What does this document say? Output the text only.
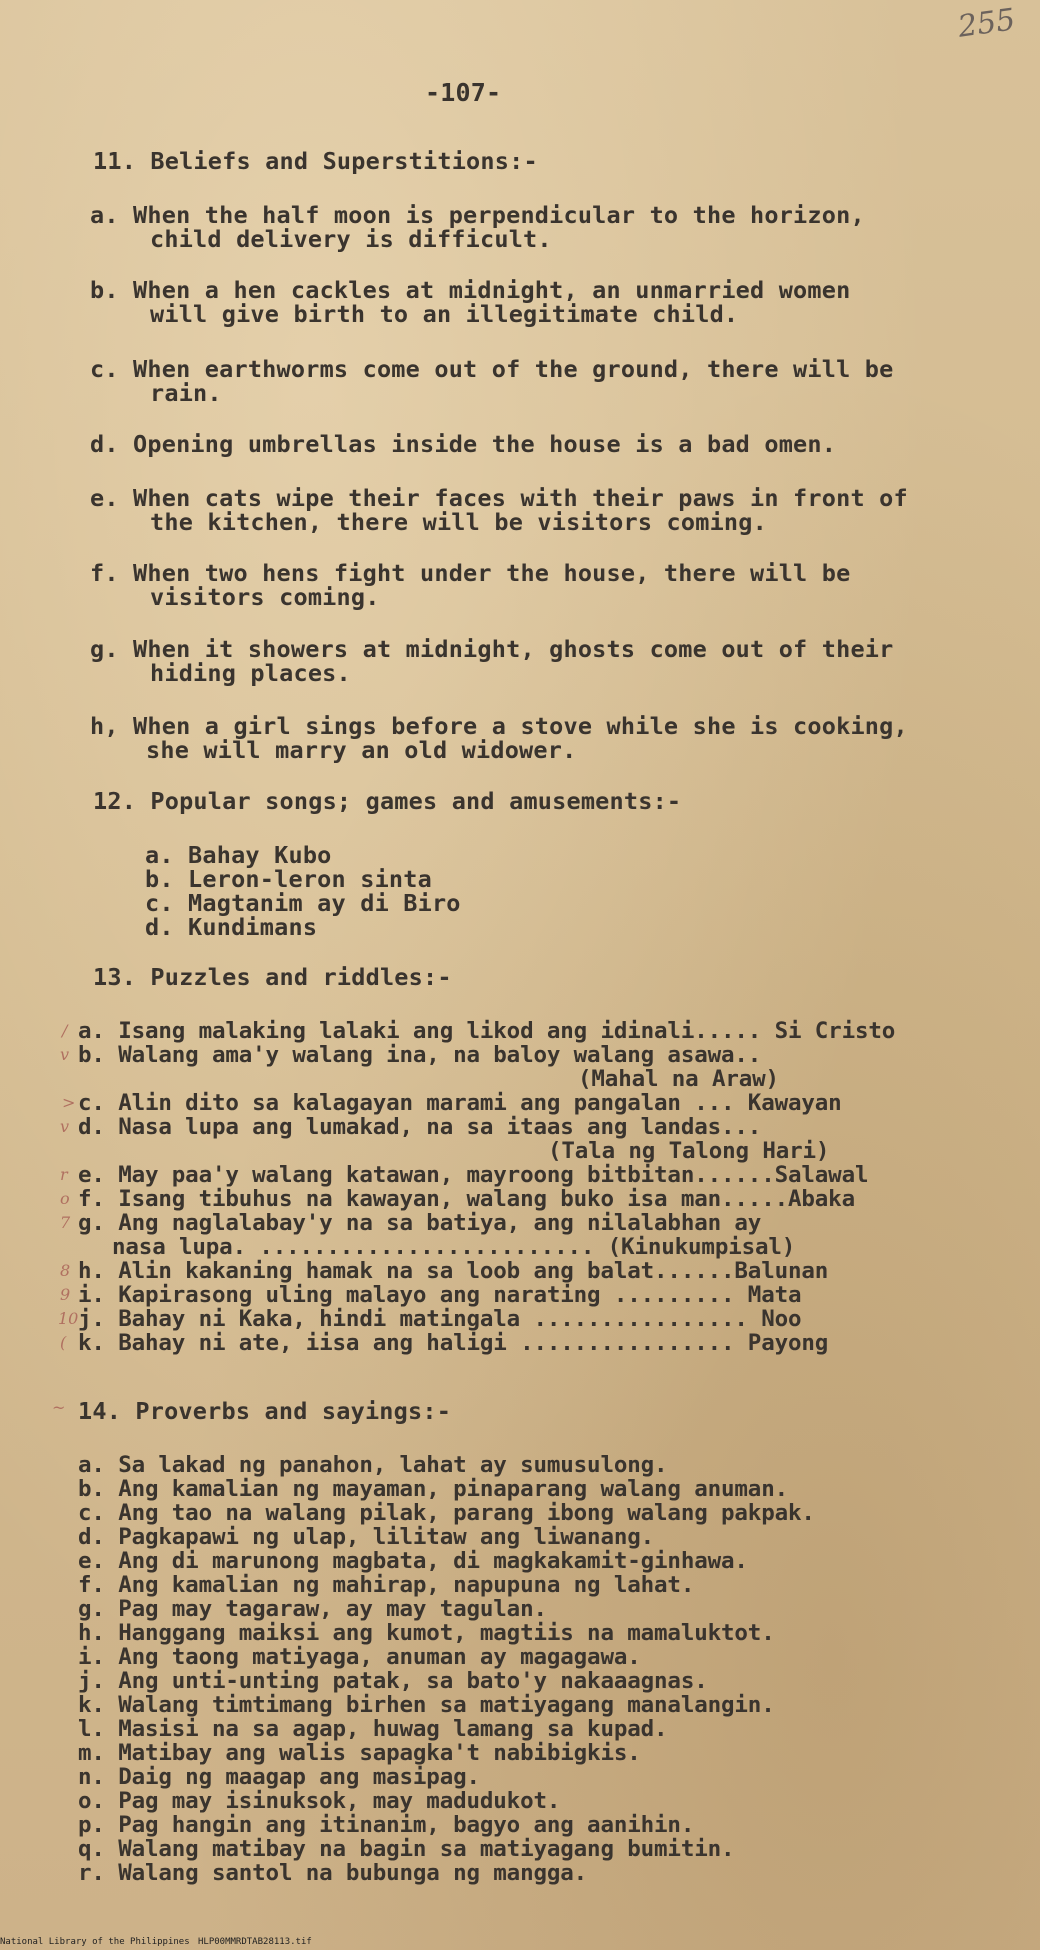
255
-107-
11. Beliefs and Superstitions:-
a. When the half moon is perpendicular to the horizon,
child delivery is difficult.
b. When a hen cackles at midnight, an unmarried women
will give birth to an illegitimate child.
c. When earthworms come out of the ground, there will be
rain.
d. Opening umbrellas inside the house is a bad omen.
e. When cats wipe their faces with their paws in front of
the kitchen, there will be visitors coming.
f. When two hens fight under the house, there will be
visitors coming.
g. When it showers at midnight, ghosts come out of their
hiding places.
h, When a girl sings before a stove while she is cooking,
she will marry an old widower.
12. Popular songs; games and amusements:-
a. Bahay Kubo
b. Leron-leron sinta
c. Magtanim ay di Biro
d. Kundimans
13. Puzzles and riddles:-
/ a. Isang malaking lalaki ang likod ang idinali..... Si Cristo
v b. Walang ama'y walang ina, na baloy walang asawa..
(Mahal na Araw)
> c. Alin dito sa kalagayan marami ang pangalan ... Kawayan
v d. Nasa lupa ang lumakad, na sa itaas ang landas...
(Tala ng Talong Hari)
r e. May paa'y walang katawan, mayroong bitbitan......Salawal
o f. Isang tibuhus na kawayan, walang buko isa man.....Abaka
7 g. Ang naglalabay'y na sa batiya, ang nilalabhan ay
nasa lupa. ......................... (Kinukumpisal)
8 h. Alin kakaning hamak na sa loob ang balat......Balunan
9 i. Kapirasong uling malayo ang narating ......... Mata
10 j. Bahay ni Kaka, hindi matingala ................ Noo
( k. Bahay ni ate, iisa ang haligi ................ Payong
~ 14. Proverbs and sayings:-
a. Sa lakad ng panahon, lahat ay sumusulong.
b. Ang kamalian ng mayaman, pinaparang walang anuman.
c. Ang tao na walang pilak, parang ibong walang pakpak.
d. Pagkapawi ng ulap, lilitaw ang liwanang.
e. Ang di marunong magbata, di magkakamit-ginhawa.
f. Ang kamalian ng mahirap, napupuna ng lahat.
g. Pag may tagaraw, ay may tagulan.
h. Hanggang maiksi ang kumot, magtiis na mamaluktot.
i. Ang taong matiyaga, anuman ay magagawa.
j. Ang unti-unting patak, sa bato'y nakaaagnas.
k. Walang timtimang birhen sa matiyagang manalangin.
l. Masisi na sa agap, huwag lamang sa kupad.
m. Matibay ang walis sapagka't nabibigkis.
n. Daig ng maagap ang masipag.
o. Pag may isinuksok, may madudukot.
p. Pag hangin ang itinanim, bagyo ang aanihin.
q. Walang matibay na bagin sa matiyagang bumitin.
r. Walang santol na bubunga ng mangga.
National Library of the Philippines HLP00MMRDTAB28113.tif
